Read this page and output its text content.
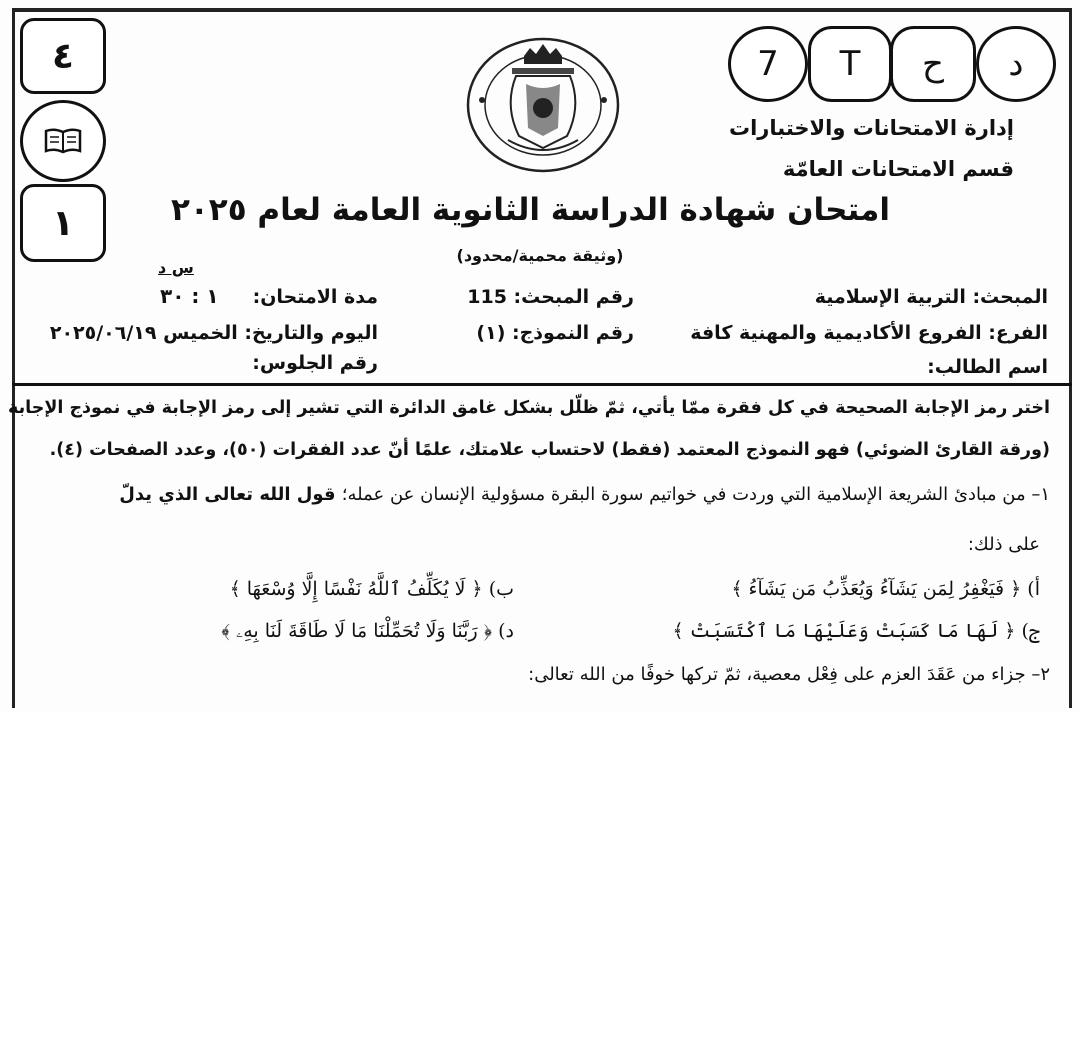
٤
١
7 T ح د
إدارة الامتحانات والاختبارات
قسم الامتحانات العامّة
امتحان شهادة الدراسة الثانوية العامة لعام ٢٠٢٥
(وثيقة محمية/محدود)
المبحث: التربية الإسلامية
رقم المبحث: 115
مدة الامتحان:
س د
١ : ٣٠
الفرع: الفروع الأكاديمية والمهنية كافة
رقم النموذج: (١)
اليوم والتاريخ: الخميس ٢٠٢٥/٠٦/١٩
اسم الطالب:
رقم الجلوس:
اختر رمز الإجابة الصحيحة في كل فقرة ممّا يأتي، ثمّ ظلّل بشكل غامق الدائرة التي تشير إلى رمز الإجابة في نموذج الإجابة
(ورقة القارئ الضوئي) فهو النموذج المعتمد (فقط) لاحتساب علامتك، علمًا أنّ عدد الفقرات (٥٠)، وعدد الصفحات (٤).
١– من مبادئ الشريعة الإسلامية التي وردت في خواتيم سورة البقرة مسؤولية الإنسان عن عمله؛ قول الله تعالى الذي يدلّ
على ذلك:
أ) ﴿ فَيَغْفِرُ لِمَن يَشَآءُ وَيُعَذِّبُ مَن يَشَآءُ ﴾
ب) ﴿ لَا يُكَلِّفُ ٱللَّهُ نَفْسًا إِلَّا وُسْعَهَا ﴾
ج) ﴿ لَهَا مَا كَسَبَتْ وَعَلَيْهَا مَا ٱكْتَسَبَتْ ﴾
د) ﴿ رَبَّنَا وَلَا تُحَمِّلْنَا مَا لَا طَاقَةَ لَنَا بِهِۦ ﴾
٢– جزاء من عَقَدَ العزم على فِعْل معصية، ثمّ تركها خوفًا من الله تعالى:
